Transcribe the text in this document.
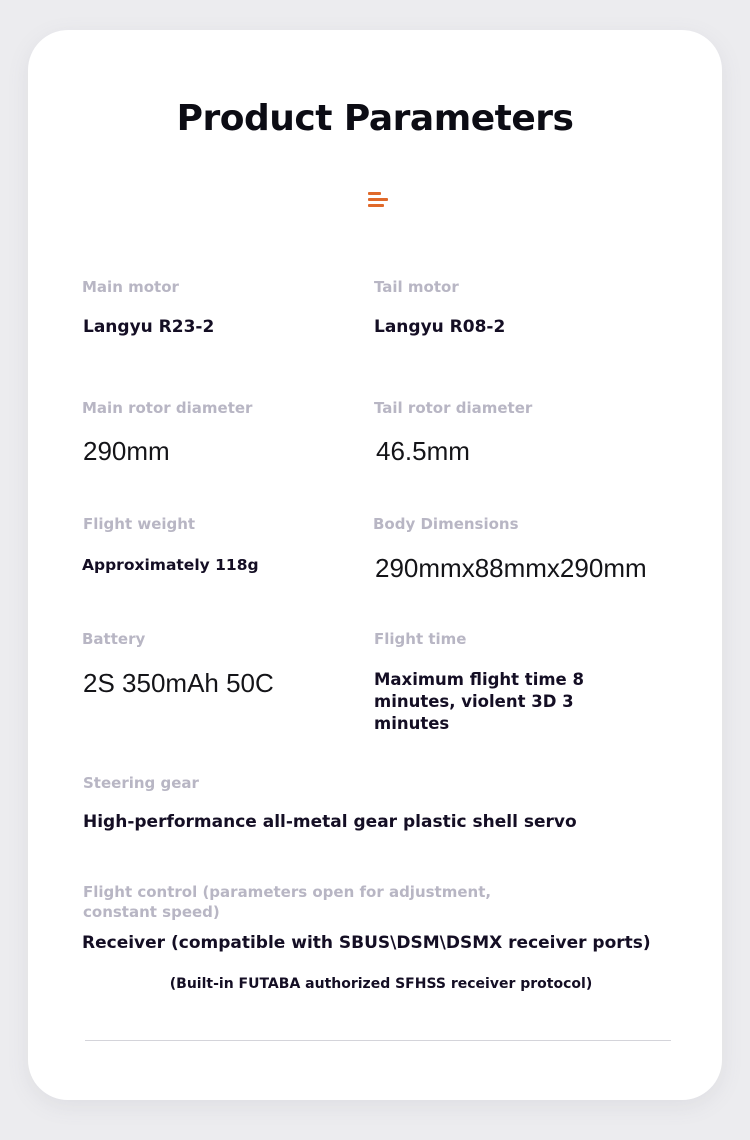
Product Parameters
Main motor
Langyu R23-2
Tail motor
Langyu R08-2
Main rotor diameter
290mm
Tail rotor diameter
46.5mm
Flight weight
Approximately 118g
Body Dimensions
290mmx88mmx290mm
Battery
2S 350mAh 50C
Flight time
Maximum flight time 8 minutes, violent 3D 3 minutes
Steering gear
High-performance all-metal gear plastic shell servo
Flight control (parameters open for adjustment, constant speed)
Receiver (compatible with SBUS\DSM\DSMX receiver ports)
(Built-in FUTABA authorized SFHSS receiver protocol)
